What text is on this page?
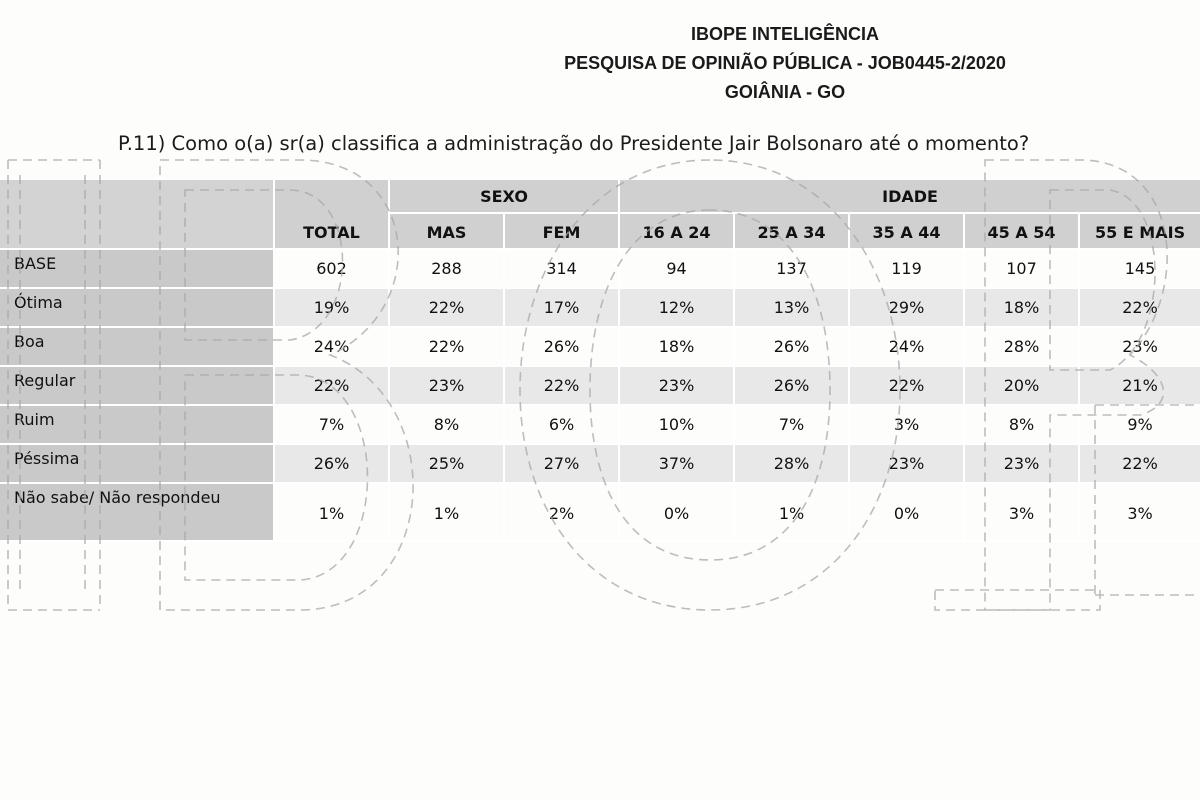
IBOPE INTELIGÊNCIA
PESQUISA DE OPINIÃO PÚBLICA - JOB0445-2/2020
GOIÂNIA - GO
P.11) Como o(a) sr(a) classifica a administração do Presidente Jair Bolsonaro até o momento?
	TOTAL	SEXO		IDADE				
		MAS	FEM	16 A 24	25 A 34	35 A 44	45 A 54	55 E MAIS
BASE	602	288	314	94	137	119	107	145
Ótima	19%	22%	17%	12%	13%	29%	18%	22%
Boa	24%	22%	26%	18%	26%	24%	28%	23%
Regular	22%	23%	22%	23%	26%	22%	20%	21%
Ruim	7%	8%	6%	10%	7%	3%	8%	9%
Péssima	26%	25%	27%	37%	28%	23%	23%	22%
Não sabe/ Não respondeu	1%	1%	2%	0%	1%	0%	3%	3%
